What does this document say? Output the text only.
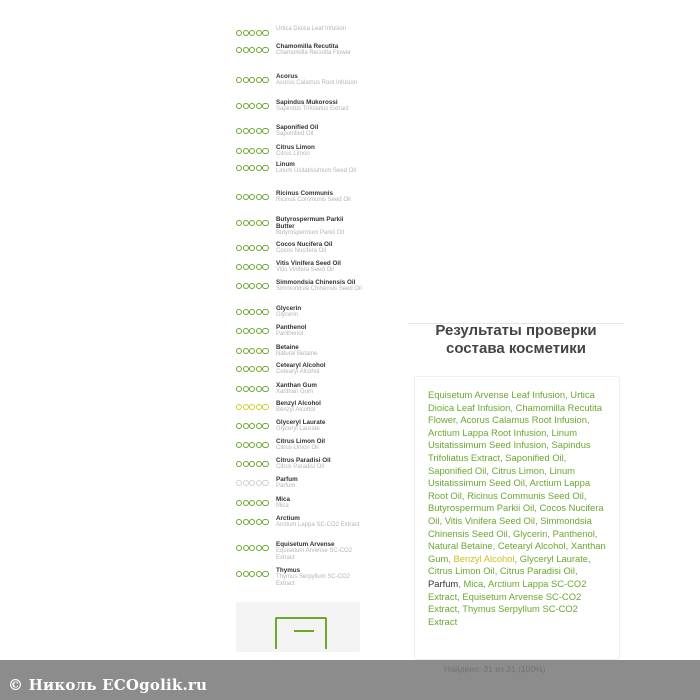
Urtica Dioica Leaf Infusion
Chamomilla Recutita
Chamomilla Recutita Flower
Acorus
Acorus Calamus Root Infusion
Sapindus Mukorossi
Sapindus Trifoliatus Extract
Saponified Oil
Saponified Oil
Citrus Limon
Citrus Limon
Linum
Linum Usitatissimum Seed Oil
Ricinus Communis
Ricinus Communis Seed Oil
Butyrospermum Parkii Butter
Butyrospermum Parkii Oil
Cocos Nucifera Oil
Cocos Nucifera Oil
Vitis Vinifera Seed Oil
Vitis Vinifera Seed Oil
Simmondsia Chinensis Oil
Simmondsia Chinensis Seed Oil
Glycerin
Glycerin
Panthenol
Panthenol
Betaine
Natural Betaine
Cetearyl Alcohol
Cetearyl Alcohol
Xanthan Gum
Xanthan Gum
Benzyl Alcohol
Benzyl Alcohol
Glyceryl Laurate
Glyceryl Laurate
Citrus Limon Oil
Citrus Limon Oil
Citrus Paradisi Oil
Citrus Paradisi Oil
Parfum
Parfum
Mica
Mica
Arctium
Arctium Lappa SC-CO2 Extract
Equisetum Arvense
Equisetum Arvense SC-CO2 Extract
Thymus
Thymus Serpyllum SC-CO2 Extract
Результаты проверки
состава косметики
Equisetum Arvense Leaf Infusion, Urtica Dioica Leaf Infusion, Chamomilla Recutita Flower, Acorus Calamus Root Infusion, Arctium Lappa Root Infusion, Linum Usitatissimum Seed Infusion, Sapindus Trifoliatus Extract, Saponified Oil, Saponified Oil, Citrus Limon, Linum Usitatissimum Seed Oil, Arctium Lappa Root Oil, Ricinus Communis Seed Oil, Butyrospermum Parkii Oil, Cocos Nucifera Oil, Vitis Vinifera Seed Oil, Simmondsia Chinensis Seed Oil, Glycerin, Panthenol, Natural Betaine, Cetearyl Alcohol, Xanthan Gum, Benzyl Alcohol, Glyceryl Laurate, Citrus Limon Oil, Citrus Paradisi Oil, Parfum, Mica, Arctium Lappa SC-CO2 Extract, Equisetum Arvense SC-CO2 Extract, Thymus Serpyllum SC-CO2 Extract
© Николь ECOgolik.ru
